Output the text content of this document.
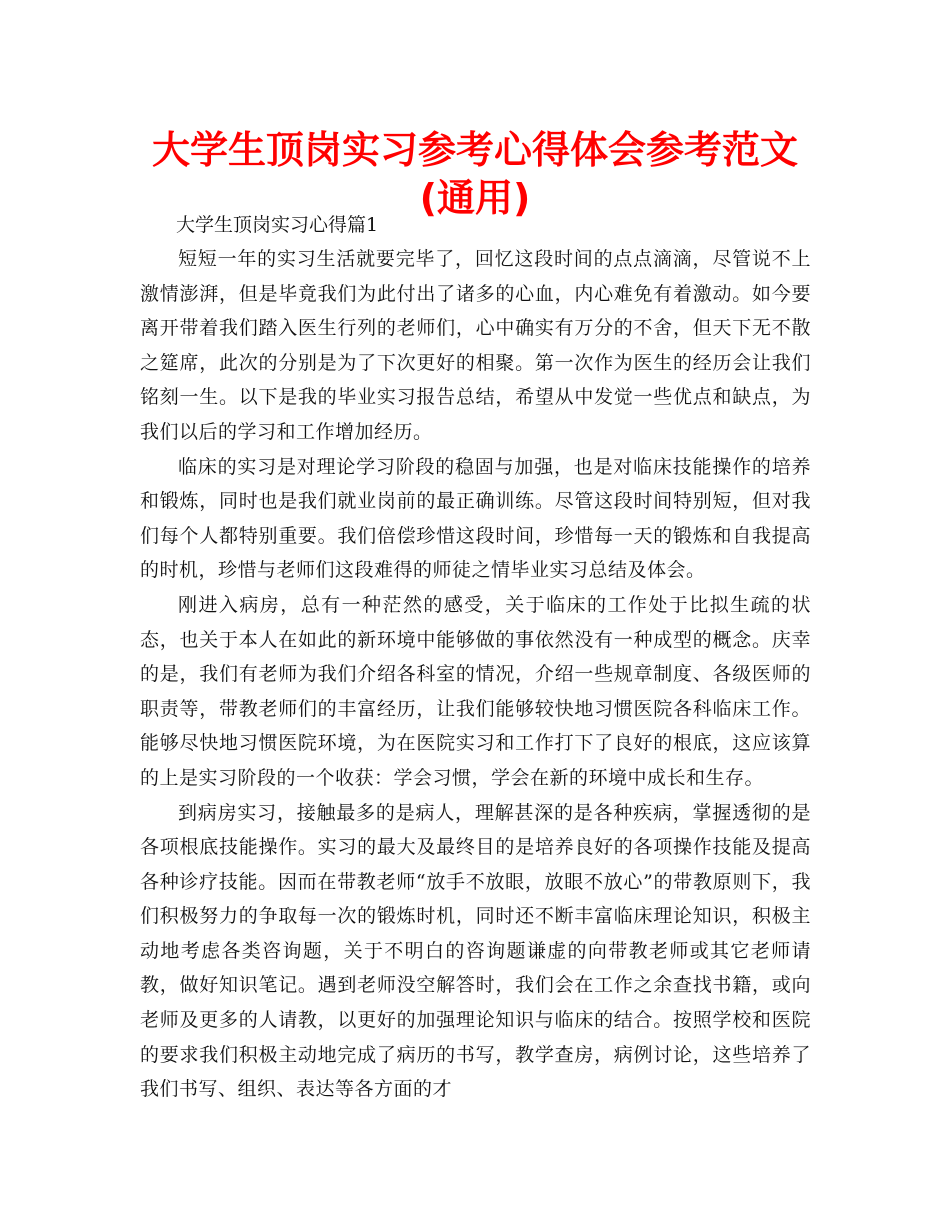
大学生顶岗实习参考心得体会参考范文
(通用)

大学生顶岗实习心得篇1

短短一年的实习生活就要完毕了，回忆这段时间的点点滴滴，尽管说不上激情澎湃，但是毕竟我们为此付出了诸多的心血，内心难免有着激动。如今要离开带着我们踏入医生行列的老师们，心中确实有万分的不舍，但天下无不散之筵席，此次的分别是为了下次更好的相聚。第一次作为医生的经历会让我们铭刻一生。以下是我的毕业实习报告总结，希望从中发觉一些优点和缺点，为我们以后的学习和工作增加经历。

临床的实习是对理论学习阶段的稳固与加强，也是对临床技能操作的培养和锻炼，同时也是我们就业岗前的最正确训练。尽管这段时间特别短，但对我们每个人都特别重要。我们倍偿珍惜这段时间，珍惜每一天的锻炼和自我提高的时机，珍惜与老师们这段难得的师徒之情毕业实习总结及体会。

刚进入病房，总有一种茫然的感受，关于临床的工作处于比拟生疏的状态，也关于本人在如此的新环境中能够做的事依然没有一种成型的概念。庆幸的是，我们有老师为我们介绍各科室的情况，介绍一些规章制度、各级医师的职责等，带教老师们的丰富经历，让我们能够较快地习惯医院各科临床工作。能够尽快地习惯医院环境，为在医院实习和工作打下了良好的根底，这应该算的上是实习阶段的一个收获：学会习惯，学会在新的环境中成长和生存。

到病房实习，接触最多的是病人，理解甚深的是各种疾病，掌握透彻的是各项根底技能操作。实习的最大及最终目的是培养良好的各项操作技能及提高各种诊疗技能。因而在带教老师“放手不放眼，放眼不放心”的带教原则下，我们积极努力的争取每一次的锻炼时机，同时还不断丰富临床理论知识，积极主动地考虑各类咨询题，关于不明白的咨询题谦虚的向带教老师或其它老师请教，做好知识笔记。遇到老师没空解答时，我们会在工作之余查找书籍，或向老师及更多的人请教，以更好的加强理论知识与临床的结合。按照学校和医院的要求我们积极主动地完成了病历的书写，教学查房，病例讨论，这些培养了我们书写、组织、表达等各方面的才
